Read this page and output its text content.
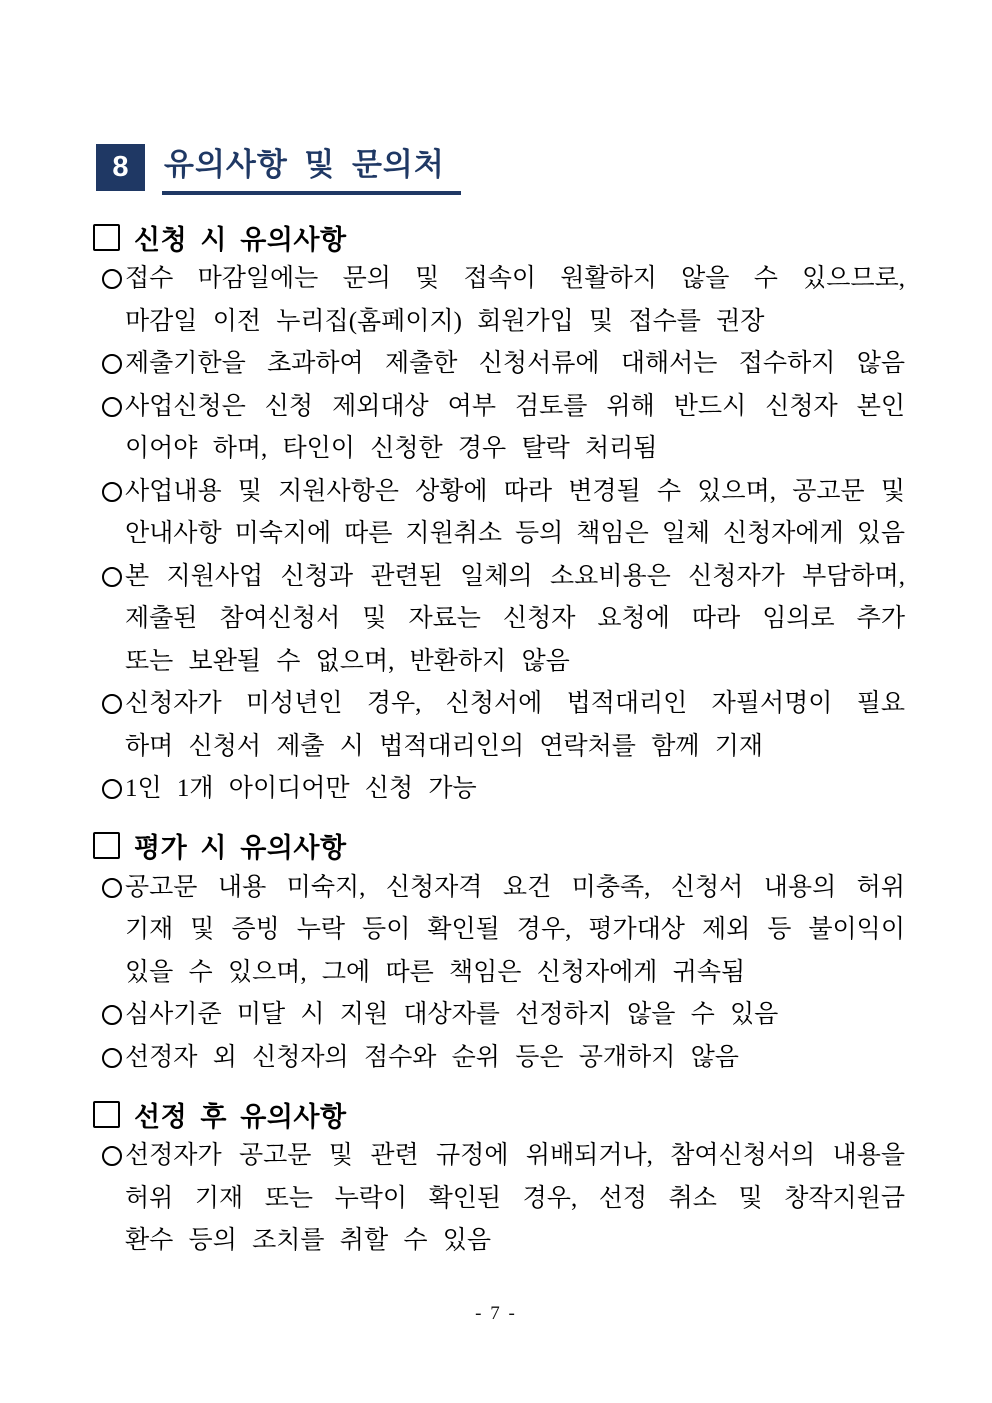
8	유의사항 및 문의처
신청 시 유의사항
접수 마감일에는 문의 및 접속이 원활하지 않을 수 있으므로,
마감일 이전 누리집(홈페이지) 회원가입 및 접수를 권장
제출기한을 초과하여 제출한 신청서류에 대해서는 접수하지 않음
사업신청은 신청 제외대상 여부 검토를 위해 반드시 신청자 본인
이어야 하며, 타인이 신청한 경우 탈락 처리됨
사업내용 및 지원사항은 상황에 따라 변경될 수 있으며, 공고문 및
안내사항 미숙지에 따른 지원취소 등의 책임은 일체 신청자에게 있음
본 지원사업 신청과 관련된 일체의 소요비용은 신청자가 부담하며,
제출된 참여신청서 및 자료는 신청자 요청에 따라 임의로 추가
또는 보완될 수 없으며, 반환하지 않음
신청자가 미성년인 경우, 신청서에 법적대리인 자필서명이 필요
하며 신청서 제출 시 법적대리인의 연락처를 함께 기재
1인 1개 아이디어만 신청 가능
평가 시 유의사항
공고문 내용 미숙지, 신청자격 요건 미충족, 신청서 내용의 허위
기재 및 증빙 누락 등이 확인될 경우, 평가대상 제외 등 불이익이
있을 수 있으며, 그에 따른 책임은 신청자에게 귀속됨
심사기준 미달 시 지원 대상자를 선정하지 않을 수 있음
선정자 외 신청자의 점수와 순위 등은 공개하지 않음
선정 후 유의사항
선정자가 공고문 및 관련 규정에 위배되거나, 참여신청서의 내용을
허위 기재 또는 누락이 확인된 경우, 선정 취소 및 창작지원금
환수 등의 조치를 취할 수 있음
- 7 -
